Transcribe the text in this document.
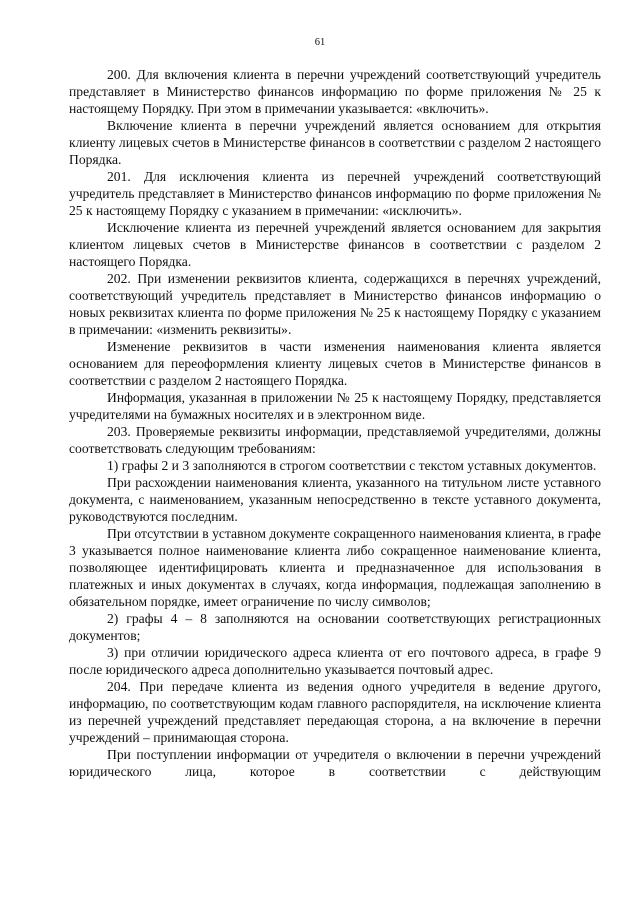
61

200. Для включения клиента в перечни учреждений соответствующий учредитель представляет в Министерство финансов информацию по форме приложения № 25 к настоящему Порядку. При этом в примечании указывается: «включить».

Включение клиента в перечни учреждений является основанием для открытия клиенту лицевых счетов в Министерстве финансов в соответствии с разделом 2 настоящего Порядка.

201. Для исключения клиента из перечней учреждений соответствующий учредитель представляет в Министерство финансов информацию по форме приложения № 25 к настоящему Порядку с указанием в примечании: «исключить».

Исключение клиента из перечней учреждений является основанием для закрытия клиентом лицевых счетов в Министерстве финансов в соответствии с разделом 2 настоящего Порядка.

202. При изменении реквизитов клиента, содержащихся в перечнях учреждений, соответствующий учредитель представляет в Министерство финансов информацию о новых реквизитах клиента по форме приложения № 25 к настоящему Порядку с указанием в примечании: «изменить реквизиты».

Изменение реквизитов в части изменения наименования клиента является основанием для переоформления клиенту лицевых счетов в Министерстве финансов в соответствии с разделом 2 настоящего Порядка.

Информация, указанная в приложении № 25 к настоящему Порядку, представляется учредителями на бумажных носителях и в электронном виде.

203. Проверяемые реквизиты информации, представляемой учредителями, должны соответствовать следующим требованиям:

1) графы 2 и 3 заполняются в строгом соответствии с текстом уставных документов.

При расхождении наименования клиента, указанного на титульном листе уставного документа, с наименованием, указанным непосредственно в тексте уставного документа, руководствуются последним.

При отсутствии в уставном документе сокращенного наименования клиента, в графе 3 указывается полное наименование клиента либо сокращенное наименование клиента, позволяющее идентифицировать клиента и предназначенное для использования в платежных и иных документах в случаях, когда информация, подлежащая заполнению в обязательном порядке, имеет ограничение по числу символов;

2) графы 4 – 8 заполняются на основании соответствующих регистрационных документов;

3) при отличии юридического адреса клиента от его почтового адреса, в графе 9 после юридического адреса дополнительно указывается почтовый адрес.

204. При передаче клиента из ведения одного учредителя в ведение другого, информацию, по соответствующим кодам главного распорядителя, на исключение клиента из перечней учреждений представляет передающая сторона, а на включение в перечни учреждений – принимающая сторона.

При поступлении информации от учредителя о включении в перечни учреждений юридического лица, которое в соответствии с действующим
